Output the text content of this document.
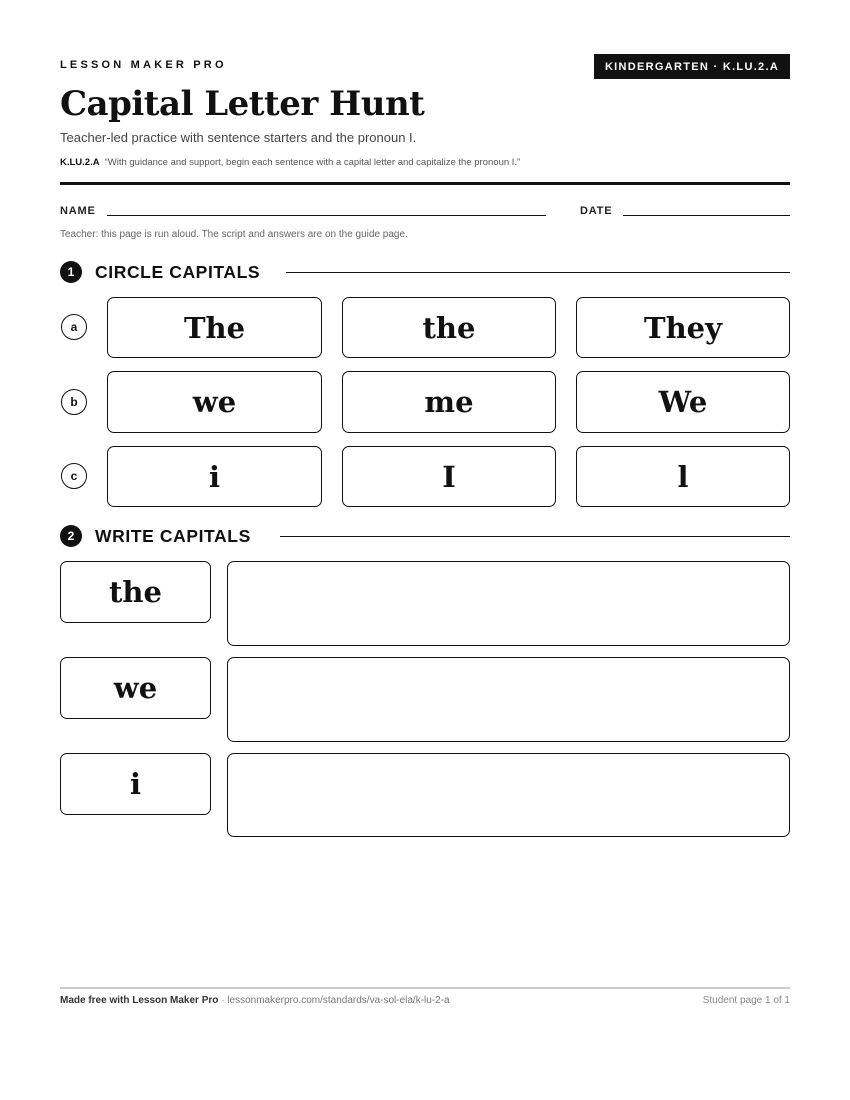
LESSON MAKER PRO	KINDERGARTEN · K.LU.2.A
Capital Letter Hunt
Teacher-led practice with sentence starters and the pronoun I.
K.LU.2.A “With guidance and support, begin each sentence with a capital letter and capitalize the pronoun I.”
NAME	DATE
Teacher: this page is run aloud. The script and answers are on the guide page.
1	CIRCLE CAPITALS
a	The	the	They
b	we	me	We
c	i	I	l
2	WRITE CAPITALS
the
we
i
Made free with Lesson Maker Pro · lessonmakerpro.com/standards/va-sol-ela/k-lu-2-a	Student page 1 of 1
